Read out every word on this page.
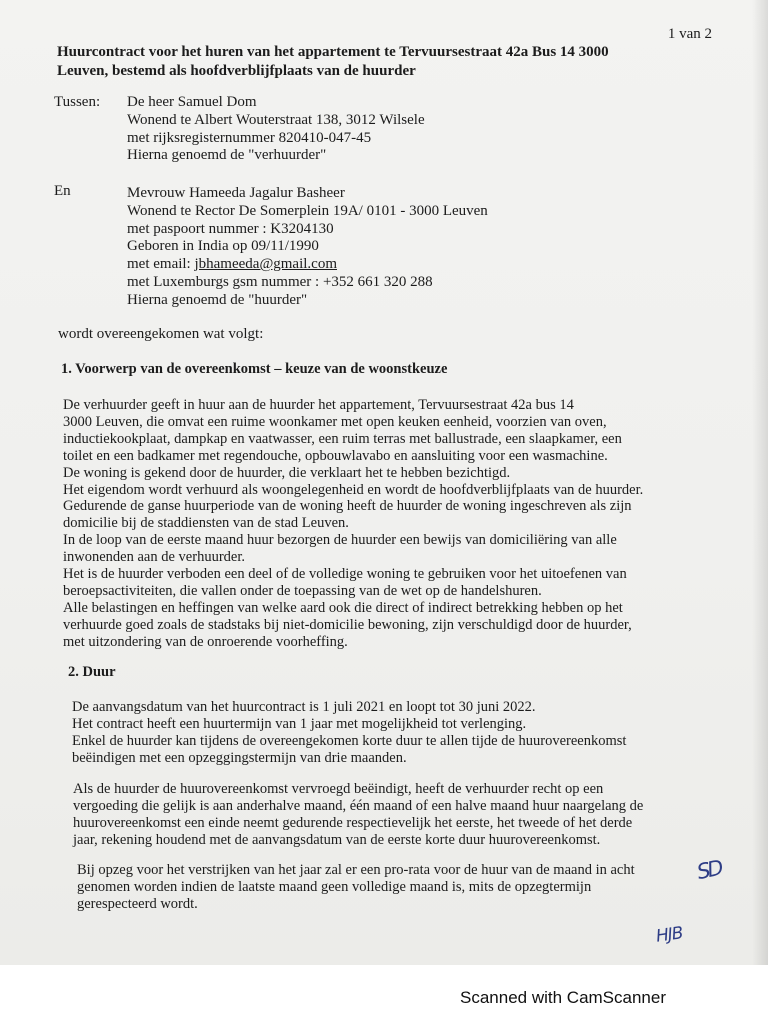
1 van 2
Huurcontract voor het huren van het appartement te Tervuursestraat 42a Bus 14 3000
Leuven, bestemd als hoofdverblijfplaats van de huurder
Tussen: De heer Samuel Dom
Wonend te Albert Wouterstraat 138, 3012 Wilsele
met rijksregisternummer 820410-047-45
Hierna genoemd de "verhuurder"
En	Mevrouw Hameeda Jagalur Basheer
Wonend te Rector De Somerplein 19A/ 0101 - 3000 Leuven
met paspoort nummer : K3204130
Geboren in India op 09/11/1990
met email: jbhameeda@gmail.com
met Luxemburgs gsm nummer : +352 661 320 288
Hierna genoemd de "huurder"
wordt overeengekomen wat volgt:
1. Voorwerp van de overeenkomst – keuze van de woonstkeuze
De verhuurder geeft in huur aan de huurder het appartement, Tervuursestraat 42a bus 14
3000 Leuven, die omvat een ruime woonkamer met open keuken eenheid, voorzien van oven,
inductiekookplaat, dampkap en vaatwasser, een ruim terras met ballustrade, een slaapkamer, een
toilet en een badkamer met regendouche, opbouwlavabo en aansluiting voor een wasmachine.
De woning is gekend door de huurder, die verklaart het te hebben bezichtigd.
Het eigendom wordt verhuurd als woongelegenheid en wordt de hoofdverblijfplaats van de huurder.
Gedurende de ganse huurperiode van de woning heeft de huurder de woning ingeschreven als zijn
domicilie bij de staddiensten van de stad Leuven.
In de loop van de eerste maand huur bezorgen de huurder een bewijs van domiciliëring van alle
inwonenden aan de verhuurder.
Het is de huurder verboden een deel of de volledige woning te gebruiken voor het uitoefenen van
beroepsactiviteiten, die vallen onder de toepassing van de wet op de handelshuren.
Alle belastingen en heffingen van welke aard ook die direct of indirect betrekking hebben op het
verhuurde goed zoals de stadstaks bij niet-domicilie bewoning, zijn verschuldigd door de huurder,
met uitzondering van de onroerende voorheffing.
2. Duur
De aanvangsdatum van het huurcontract is 1 juli 2021 en loopt tot 30 juni 2022.
Het contract heeft een huurtermijn van 1 jaar met mogelijkheid tot verlenging.
Enkel de huurder kan tijdens de overeengekomen korte duur te allen tijde de huurovereenkomst
beëindigen met een opzeggingstermijn van drie maanden.
Als de huurder de huurovereenkomst vervroegd beëindigt, heeft de verhuurder recht op een
vergoeding die gelijk is aan anderhalve maand, één maand of een halve maand huur naargelang de
huurovereenkomst een einde neemt gedurende respectievelijk het eerste, het tweede of het derde
jaar, rekening houdend met de aanvangsdatum van de eerste korte duur huurovereenkomst.
Bij opzeg voor het verstrijken van het jaar zal er een pro-rata voor de huur van de maand in acht
genomen worden indien de laatste maand geen volledige maand is, mits de opzegtermijn
gerespecteerd wordt.
SD
HJB
Scanned with CamScanner
